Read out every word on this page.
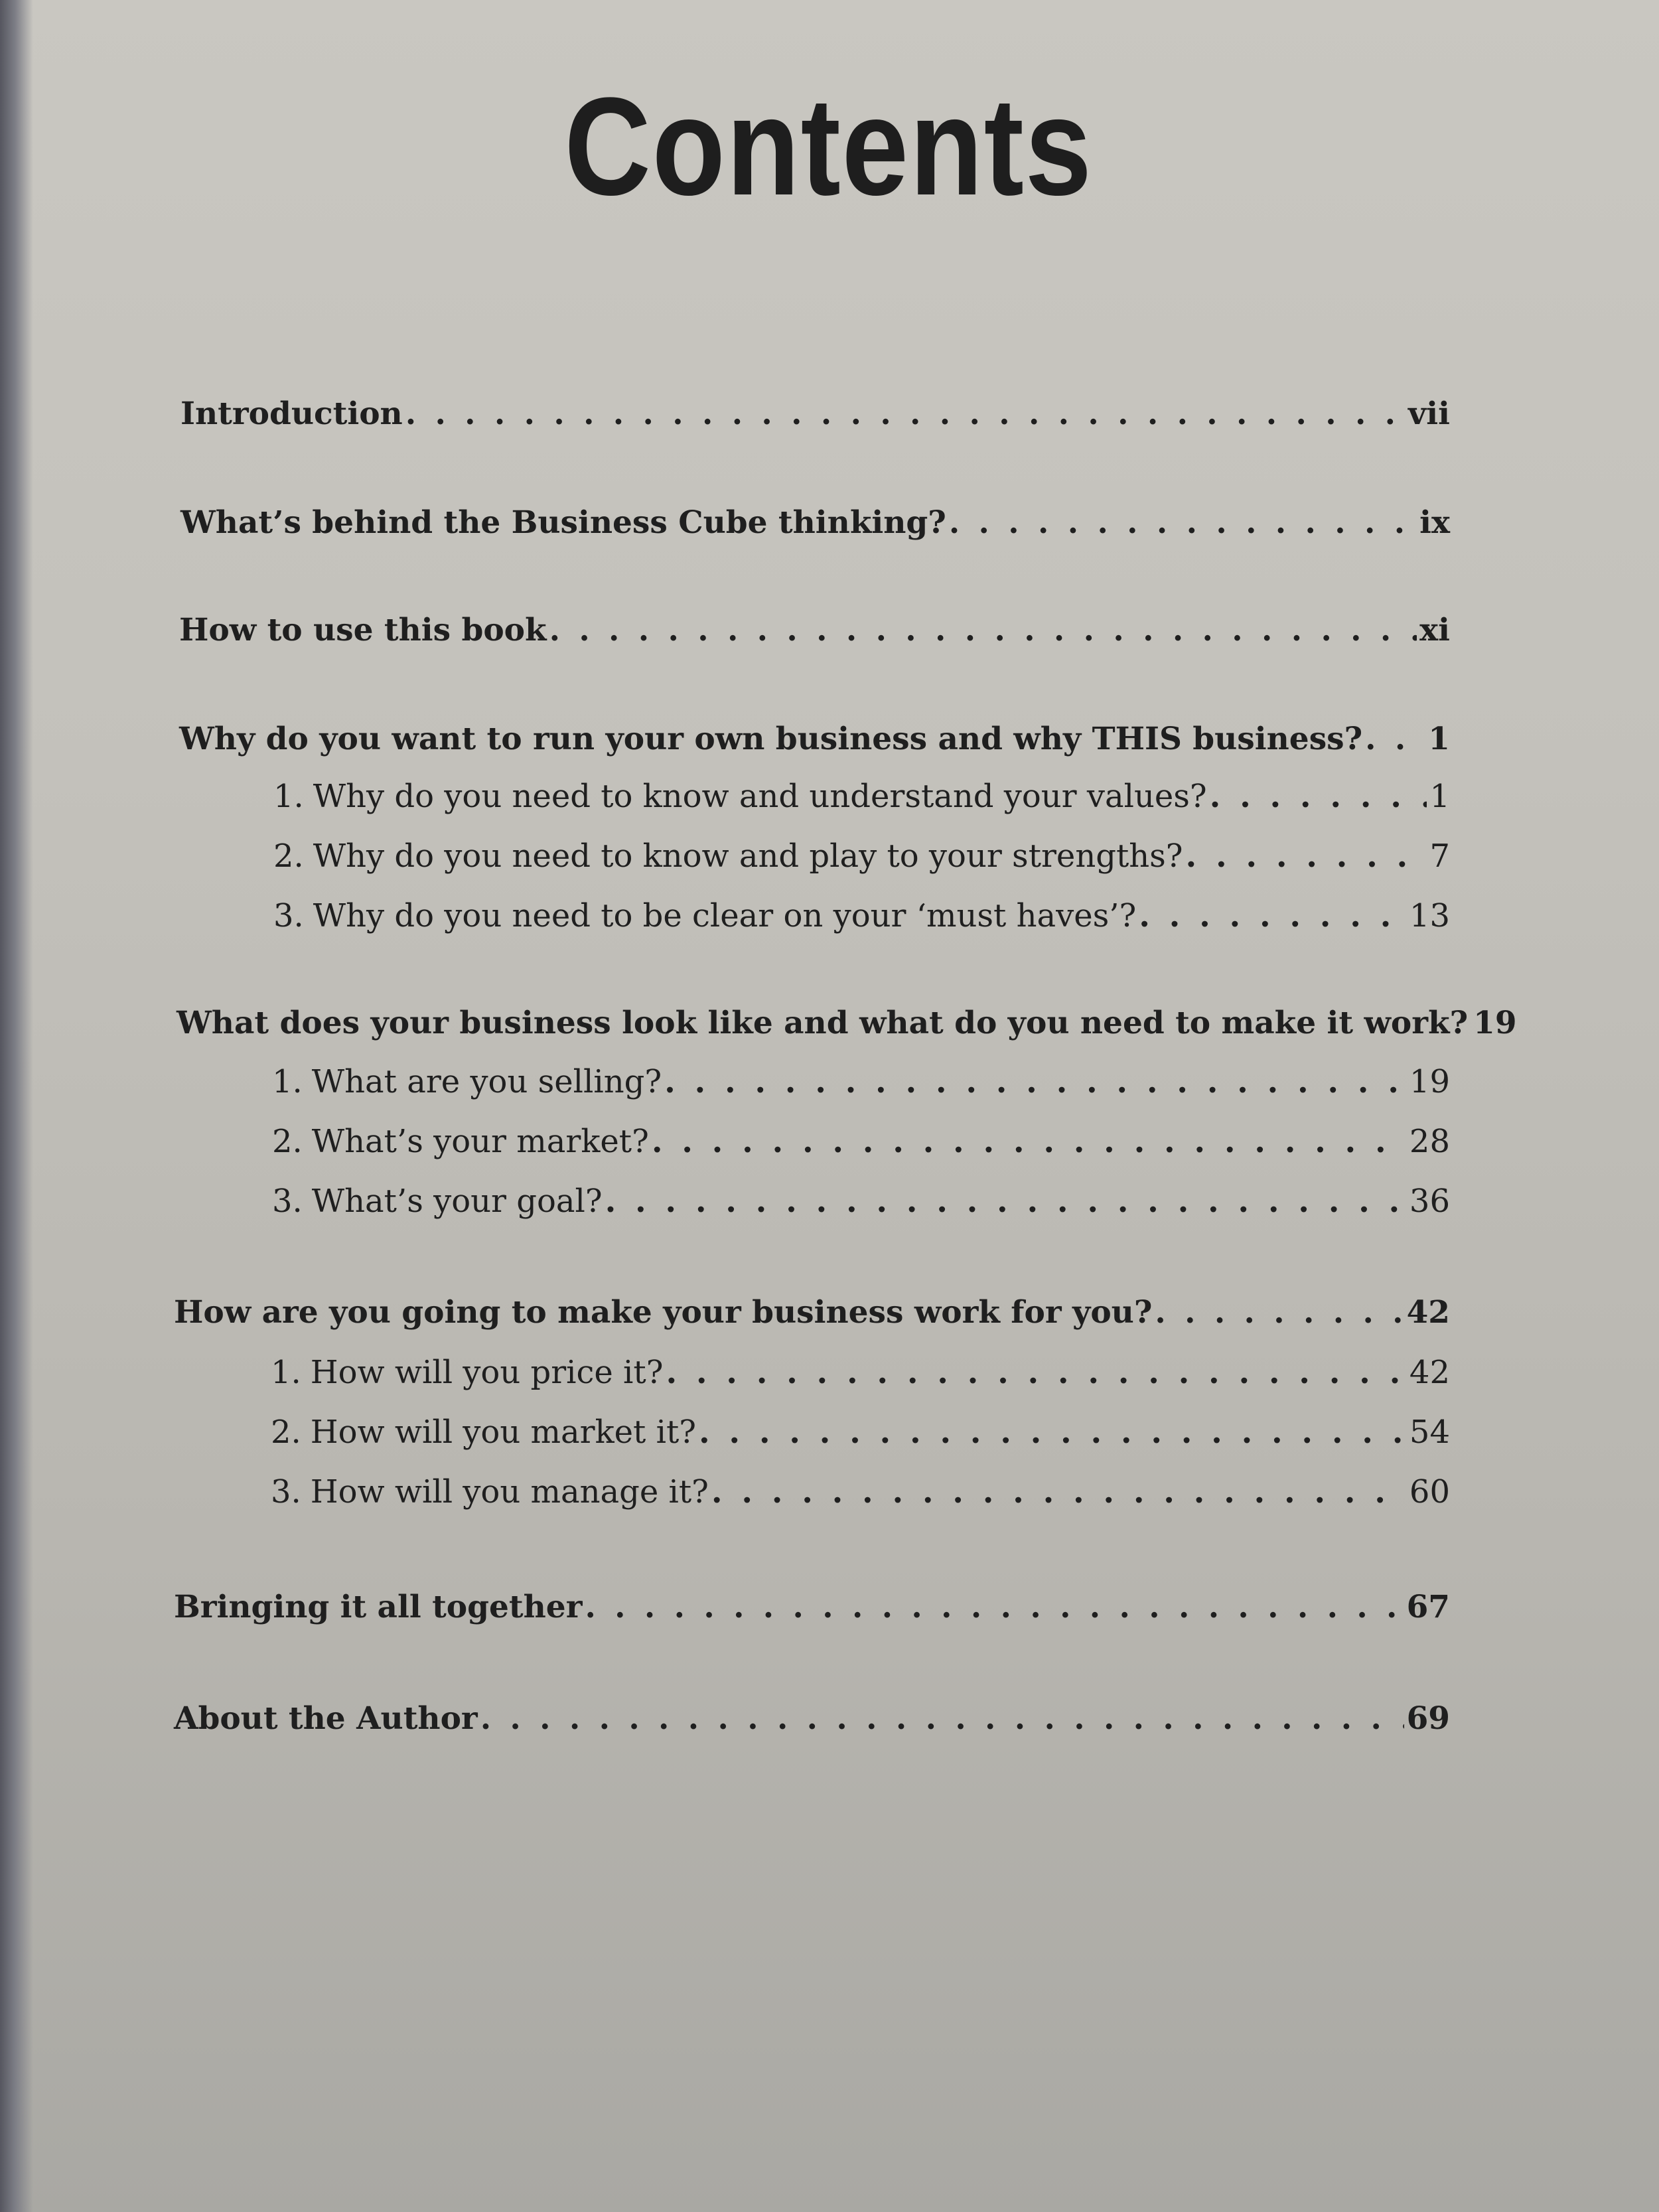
Contents
Introduction . . .	vii
What’s behind the Business Cube thinking? . . .	ix
How to use this book . . .	xi
Why do you want to run your own business and why THIS business? . . . 1
1. Why do you need to know and understand your values? . . .	1
2. Why do you need to know and play to your strengths? . . .	7
3. Why do you need to be clear on your ‘must haves’? . . .	13
What does your business look like and what do you need to make it work? 19
1. What are you selling? . . .	19
2. What’s your market? . . .	28
3. What’s your goal? . . .	36
How are you going to make your business work for you? . . .	42
1. How will you price it? . . .	42
2. How will you market it? . . .	54
3. How will you manage it? . . .	60
Bringing it all together . . .	67
About the Author . . .	69
